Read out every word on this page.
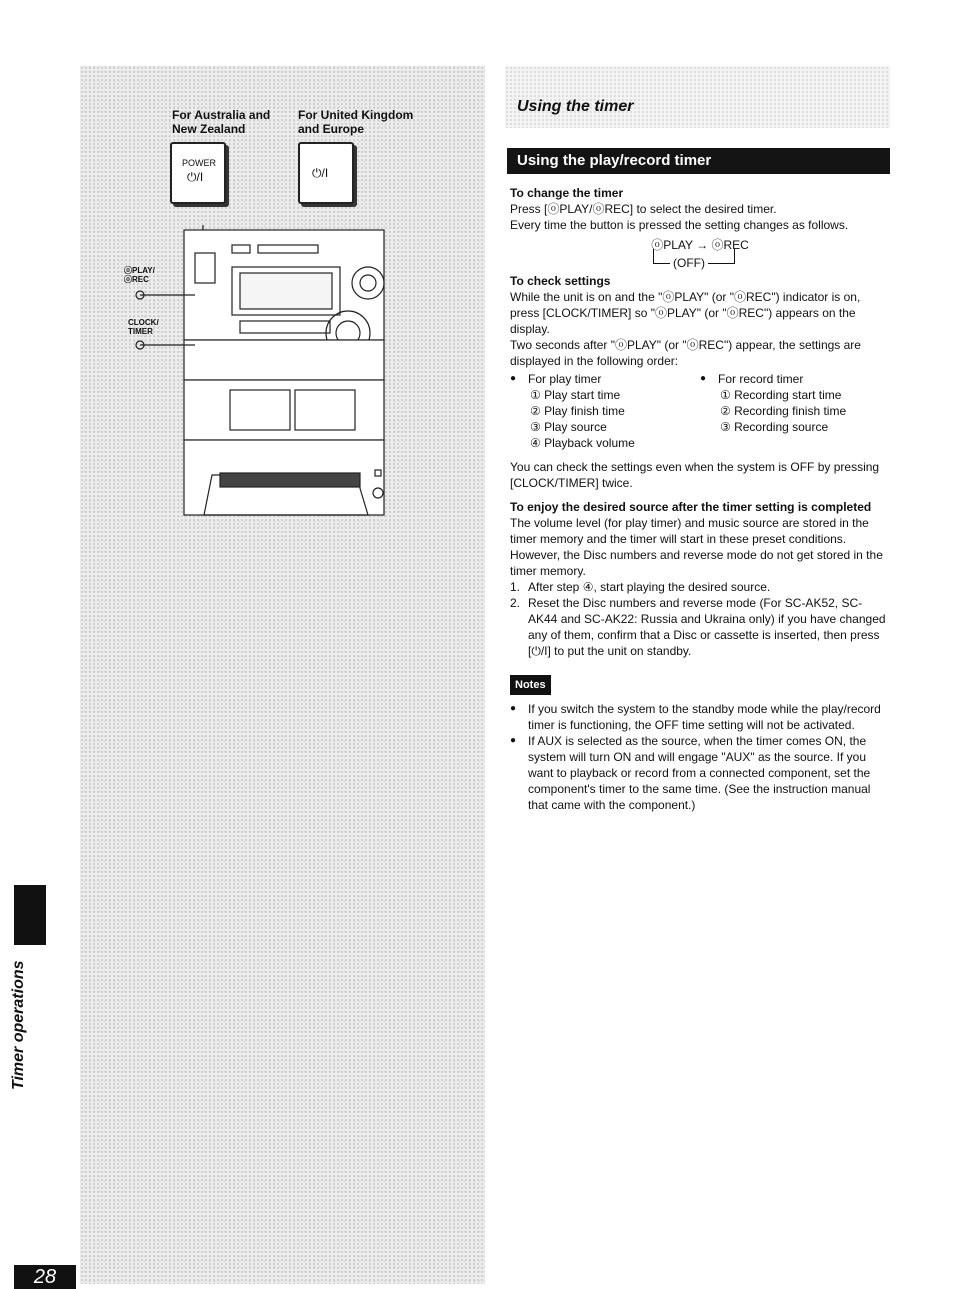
For Australia and
New Zealand
For United Kingdom
and Europe
POWER
⏻/I	⏻/I
ⓞPLAY/
ⓞREC
CLOCK/
TIMER
Using the timer
Using the play/record timer

To change the timer

Press [ⓞPLAY/ⓞREC] to select the desired timer.

Every time the button is pressed the setting changes as follows.

ⓞPLAY → ⓞREC

(OFF)

To check settings

While the unit is on and the "ⓞPLAY" (or "ⓞREC") indicator is on, press [CLOCK/TIMER] so "ⓞPLAY" (or "ⓞREC") appears on the display.

Two seconds after "ⓞPLAY" (or "ⓞREC") appear, the settings are displayed in the following order:

● For play timer
① Play start time
② Play finish time
③ Play source
④ Playback volume
● For record timer
① Recording start time
② Recording finish time
③ Recording source

You can check the settings even when the system is OFF by pressing [CLOCK/TIMER] twice.

To enjoy the desired source after the timer setting is completed

The volume level (for play timer) and music source are stored in the timer memory and the timer will start in these preset conditions. However, the Disc numbers and reverse mode do not get stored in the timer memory.

1. After step ④, start playing the desired source.
2. Reset the Disc numbers and reverse mode (For SC-AK52, SC-AK44 and SC-AK22: Russia and Ukraina only) if you have changed any of them, confirm that a Disc or cassette is inserted, then press [⏻/I] to put the unit on standby.
Notes
● If you switch the system to the standby mode while the play/record timer is functioning, the OFF time setting will not be activated.
● If AUX is selected as the source, when the timer comes ON, the system will turn ON and will engage "AUX" as the source. If you want to playback or record from a connected component, set the component's timer to the same time. (See the instruction manual that came with the component.)
Timer operations
28
